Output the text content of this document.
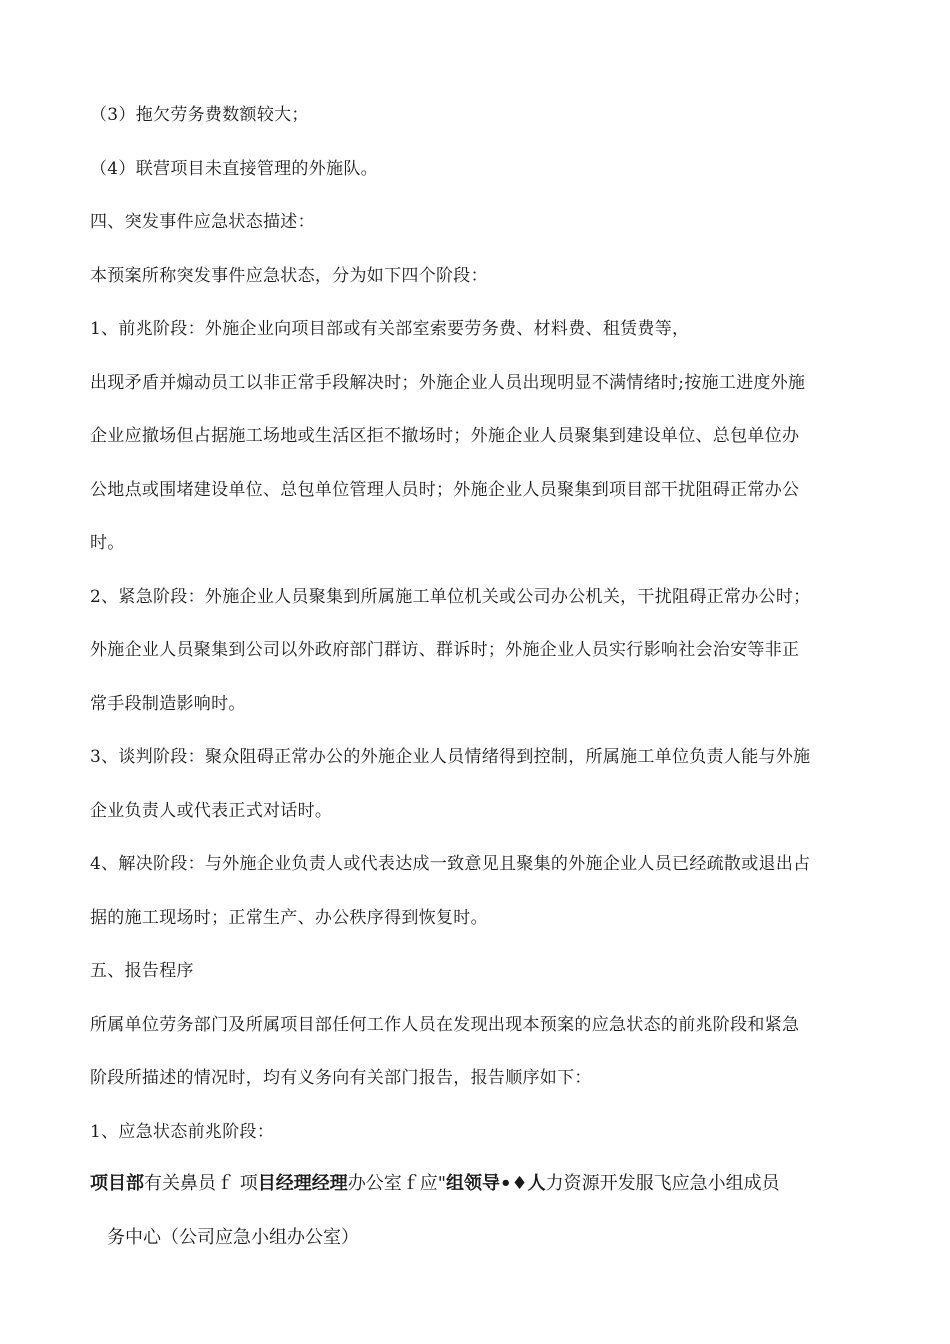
（3）拖欠劳务费数额较大；
（4）联营项目未直接管理的外施队。
四、突发事件应急状态描述：
本预案所称突发事件应急状态，分为如下四个阶段：
1、前兆阶段：外施企业向项目部或有关部室索要劳务费、材料费、租赁费等，
出现矛盾并煽动员工以非正常手段解决时；外施企业人员出现明显不满情绪时;按施工进度外施
企业应撤场但占据施工场地或生活区拒不撤场时；外施企业人员聚集到建设单位、总包单位办
公地点或围堵建设单位、总包单位管理人员时；外施企业人员聚集到项目部干扰阻碍正常办公
时。
2、紧急阶段：外施企业人员聚集到所属施工单位机关或公司办公机关，干扰阻碍正常办公时；
外施企业人员聚集到公司以外政府部门群访、群诉时；外施企业人员实行影响社会治安等非正
常手段制造影响时。
3、谈判阶段：聚众阻碍正常办公的外施企业人员情绪得到控制，所属施工单位负责人能与外施
企业负责人或代表正式对话时。
4、解决阶段：与外施企业负责人或代表达成一致意见且聚集的外施企业人员已经疏散或退出占
据的施工现场时；正常生产、办公秩序得到恢复时。
五、报告程序
所属单位劳务部门及所属项目部任何工作人员在发现出现本预案的应急状态的前兆阶段和紧急
阶段所描述的情况时，均有义务向有关部门报告，报告顺序如下：
1、应急状态前兆阶段：
项目部有关鼻员ｆ 项目经理经理办公室ｆ应"组领导•♦人力资源开发服飞应急小组成员
务中心（公司应急小组办公室）
